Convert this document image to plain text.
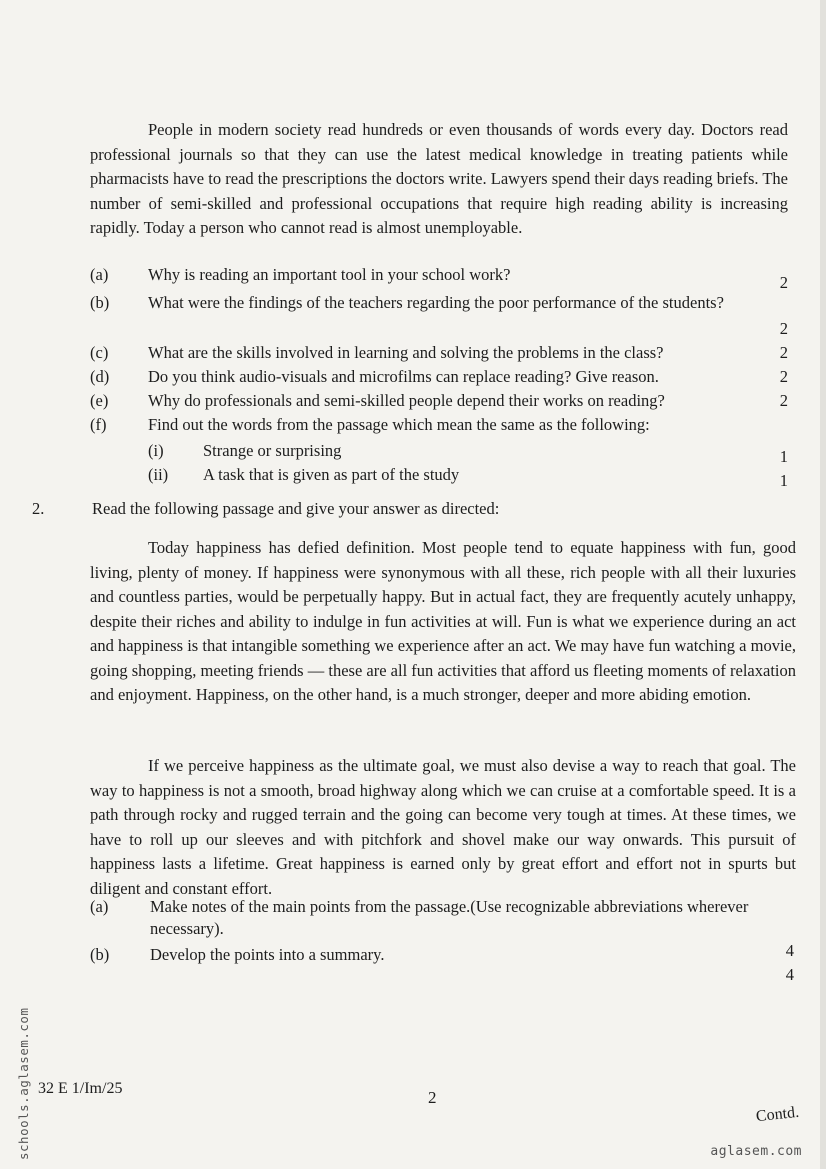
People in modern society read hundreds or even thousands of words every day. Doctors read professional journals so that they can use the latest medical knowledge in treating patients while pharmacists have to read the prescriptions the doctors write. Lawyers spend their days reading briefs. The number of semi-skilled and professional occupations that require high reading ability is increasing rapidly. Today a person who cannot read is almost unemployable.

(a) Why is reading an important tool in your school work?	2
(b) What were the findings of the teachers regarding the poor performance of the students?
2
(c) What are the skills involved in learning and solving the problems in the class?	2
(d) Do you think audio-visuals and microfilms can replace reading? Give reason.	2
(e) Why do professionals and semi-skilled people depend their works on reading?	2
(f)	Find out the words from the passage which mean the same as the following:
(i) Strange or surprising	1
(ii) A task that is given as part of the study	1
2.	Read the following passage and give your answer as directed:

Today happiness has defied definition. Most people tend to equate happiness with fun, good living, plenty of money. If happiness were synonymous with all these, rich people with all their luxuries and countless parties, would be perpetually happy. But in actual fact, they are frequently acutely unhappy, despite their riches and ability to indulge in fun activities at will. Fun is what we experience during an act and happiness is that intangible something we experience after an act. We may have fun watching a movie, going shopping, meeting friends — these are all fun activities that afford us fleeting moments of relaxation and enjoyment. Happiness, on the other hand, is a much stronger, deeper and more abiding emotion.

If we perceive happiness as the ultimate goal, we must also devise a way to reach that goal. The way to happiness is not a smooth, broad highway along which we can cruise at a comfortable speed. It is a path through rocky and rugged terrain and the going can become very tough at times. At these times, we have to roll up our sleeves and with pitchfork and shovel make our way onwards. This pursuit of happiness lasts a lifetime. Great happiness is earned only by great effort and effort not in spurts but diligent and constant effort.

(a)	Make notes of the main points from the passage.(Use recognizable abbreviations wherever necessary).
4
(b) Develop the points into a summary.
4
32 E 1/Im/25	2
Contd.
schools.aglasem.com	aglasem.com
